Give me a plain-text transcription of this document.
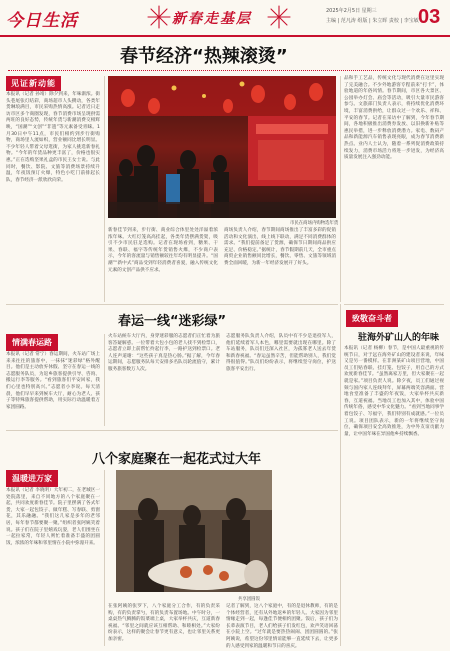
今日生活	新春走基层	2025年2月5日 星期三
主编 | 范凡涛 组版 | 朱立晖 责校 | 李宝敏 03
春节经济“热辣滚烫”
见证新动能
本报讯（记者 孙靖）除夕到来，年味渐浓。街头巷尾张灯结彩，商场超市人头攒动，各类年货琳琅满目，市民采购热情高涨。记者近日走访市区多个商圈发现，春节消费市场呈现供需两旺的良好态势，传统年货与新潮消费交相辉映，“国潮”“文创”“非遗”等元素备受青睐。1月30日中午11点，市民们相约到步行街购物，商场里人流如织，营业额同比增长明显。不少年轻人带着父母逛街，为家人挑选新春礼物。“今年的年货品种更丰富了，价格也很实惠。”正在选购坚果礼盒的市民王女士说。与此同时，餐饮、影院、文旅等消费场景持续升温，年夜饭预订火爆，特色小吃门前排起长队，春节经济一派欣欣向荣。
市民在商场内购物选年货
新春佳节到来，步行街、商业综合体里处处洋溢着浓浓年味。大红灯笼高高挂起，各类年货摆满货架，吸引不少市民驻足选购。记者在现场看到，糖果、干果、春联、福字等传统年货销售火爆，不少商户表示，今年的客流量与销售额较往年均有明显提升。“国潮”“新中式”商品受到年轻消费者喜爱，融入传统文化元素的文创产品供不应求。
商场负责人介绍，春节期间商场推出了丰富多彩的促销活动和文化演出，线上线下联动，满足不同消费群体的需求。“我们提前备足了货源，确保节日期间商品供应充足、价格稳定。”据统计，春节假期前几天，全市重点商贸企业销售额同比增长，餐饮、零售、文旅等领域消费全面回暖，为新一年经济发展开了好头。
品和手工艺品，传统文化与现代消费在这里实现了完美融合。不少外地游客专程前来“打卡”，体验地道的年俗风情。春节期间，市区各大景区、公园举办灯会、庙会等活动，吸引大量市民游客参与。文旅部门负责人表示，将持续优化消费环境，丰富消费供给，让群众过一个欢乐、祥和、平安的春节。记者在采访中了解到，今年春节期间，各地积极推出消费券发放、以旧换新补贴等惠民举措，进一步释放消费潜力。家电、数码产品和新能源汽车销售表现亮眼，成为春节消费新热点。业内人士认为，随着一系列促消费政策持续发力，消费市场活力将进一步迸发，为经济高质量发展注入强劲动能。
春运一线“迷彩绿”
情满春运路
本报讯（记者 常宁）春运期间，火车站广场上来来往往的旅客中，一抹抹“迷彩绿”格外醒目。他们是主动放弃休假、坚守在春运一线的志愿服务队员，为返乡旅客提供引导、咨询、搬运行李等服务。“看到旅客们平安回家，我们心里也特别高兴。”志愿者小李说。每天清晨，他们早早来到候车大厅，耐心为老人、孩子等特殊旅客提供帮助，用实际行动温暖着万家团圆路。
火车站候车大厅内，身穿迷彩服的志愿者们正忙着为旅客答疑解惑。一位带着大包小包的老人找不到检票口，志愿者立即上前帮忙拎起行李，一路护送到检票口。老人连声道谢：“这些孩子真是热心肠。”据了解，今年春运期间，志愿服务队每天安排多名队员轮流值守，累计服务旅客数万人次。
志愿服务队负责人介绍，队员中有不少是退役军人，他们延续着军人本色，哪里需要就出现在哪里。除了车站服务，队员们还深入社区，为孤寡老人送去年货和新春祝福。“春运虽然辛苦，但能帮助别人，我们觉得很值得。”队员们纷纷表示，将继续坚守岗位，护送旅客平安出行。
致敬奋斗者
驻海外矿山人的年味
本报讯（记者 杨柳）春节，是中国人最重视的传统节日，对于远在海外矿山的建设者来说，年味又是另一番模样。在非洲某矿山项目营地，中国员工们贴春联、挂灯笼、包饺子，用自己的方式欢度新春佳节。“虽然离家万里，但大家聚在一起就是家。”项目负责人说。除夕夜，员工们通过视频与国内家人连线拜年，屏幕两端笑容满面。营地食堂准备了丰盛的年夜饭，大家举杯共庆新春，互道祝福。当地员工也加入其中，体验中国传统年俗，感受中华文化魅力。“看到当地同事学着包饺子、写福字，我们特别有成就感。”一位员工说。项目团队表示，新的一年将继续坚守岗位，确保项目安全高效推进，为中外友谊贡献力量，让中国年味在异国他乡持续飘香。
八个家庭聚在一起花式过大年
温暖进万家
本报讯（记者 李晓明）大年初二，在老城区一处院落里，来自不同地方的八个家庭聚在一起，共同欢度新春佳节。院子里摆满了各式年货，大家一起包饺子、做年糕、写春联、剪窗花，其乐融融。“我们这几家是多年的老邻居，每年春节都要聚一聚。”组织者张阿姨笑着说。孩子们在院子里嬉戏玩耍，老人们围坐在一起拉家常，年轻人则忙着准备丰盛的团圆饭，浓浓的年味和邻里情在小院中弥漫开来。
共享团圆饭
在张阿姨的张罗下，八个家庭分工合作，有的负责采购，有的负责掌勺，有的负责布置场地。中午时分，一桌桌热气腾腾的饭菜端上桌，大家举杯共庆，互道新春祝福。“邻里之间就应该互相帮助、和睦相处。”大家纷纷表示，这样的聚会让春节更有意义，也让邻里关系更加亲密。
记者了解到，这八个家庭中，有的是退休教师，有的是个体经营者，还有从外地返乡的年轻人。大家因为邻里情缘走到一起，每逢佳节便相约团聚。饭后，孩子们为长辈表演节目，老人们给孩子们发红包，欢声笑语回荡在小院上空。“过年就是要热热闹闹、团团圆圆的。”张阿姨说，希望这份邻里情谊能够一直延续下去，让更多的人感受到家的温暖和节日的喜庆。
